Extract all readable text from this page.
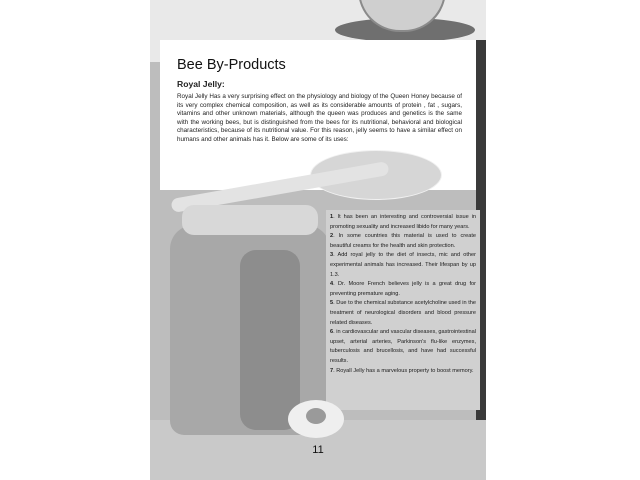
Bee By-Products
Royal Jelly:

Royal Jelly Has a very surprising effect on the physiology and biology of the Queen Honey because of its very complex chemical composition, as well as its considerable amounts of protein , fat , sugars, vitamins and other unknown materials, although the queen was produces and genetics is the same with the working bees, but is distinguished from the bees for its nutritional, behavioral and biological characteristics, because of its nutritional value. For this reason, jelly seems to have a similar effect on humans and other animals has it. Below are some of its uses:

1. It has been an interesting and controversial issue in promoting sexuality and increased libido for many years.
2. In some countries this material is used to create beautiful creams for the health and skin protection.
3. Add royal jelly to the diet of insects, mic and other experimental animals has increased. Their lifespan by up 1.3.
4. Dr. Moore French believes jelly is a great drug for preventing premature aging.
5. Due to the chemical substance acetylcholine used in the treatment of neurological disorders and blood pressure related diseases.
6. in cardiovascular and vascular diseases, gastrointestinal upset, arterial arteries, Parkinson's flu-like enzymes, tuberculosis and brucellosis, and have had successful results.
7. Royall Jelly has a marvelous property to boost memory.
11
